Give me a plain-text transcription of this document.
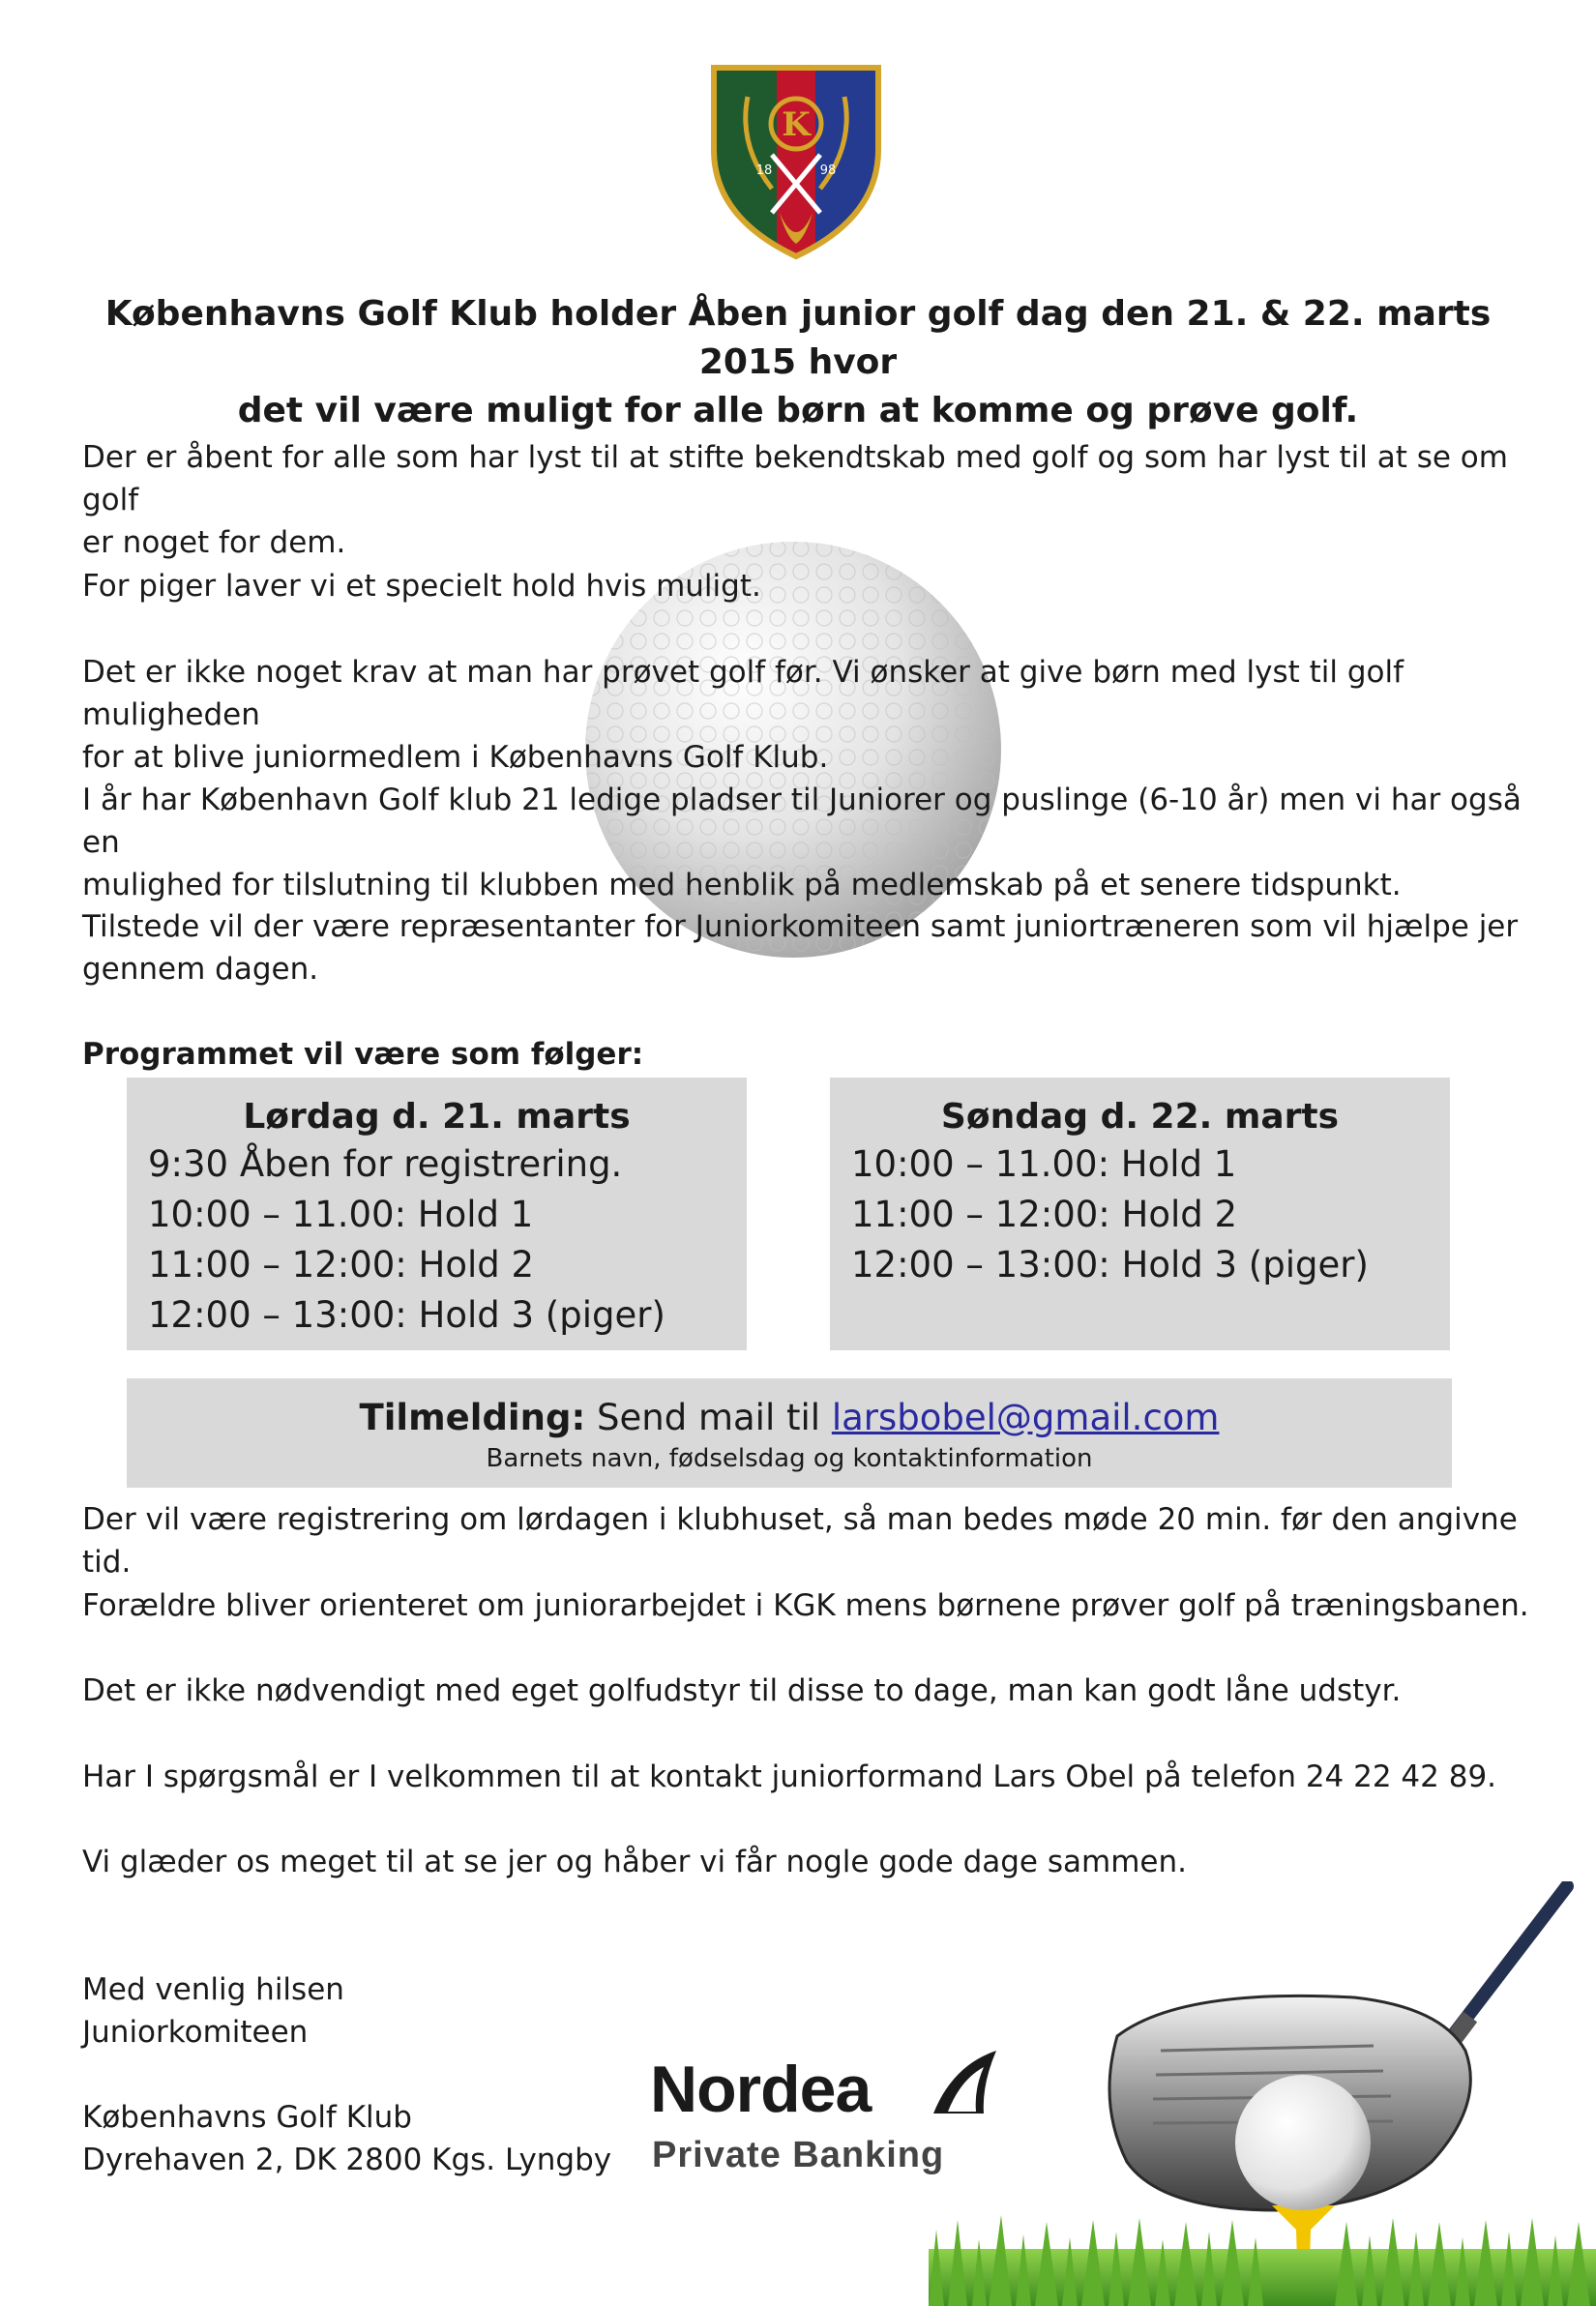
K
18	98
Københavns Golf Klub holder Åben junior golf dag den 21. & 22. marts 2015 hvor
det vil være muligt for alle børn at komme og prøve golf.
Der er åbent for alle som har lyst til at stifte bekendtskab med golf og som har lyst til at se om golf
er noget for dem.
For piger laver vi et specielt hold hvis muligt.
Det er ikke noget krav at man har prøvet golf før. Vi ønsker at give børn med lyst til golf muligheden
for at blive juniormedlem i Københavns Golf Klub.
I år har København Golf klub 21 ledige pladser til Juniorer og puslinge (6-10 år) men vi har også en
mulighed for tilslutning til klubben med henblik på medlemskab på et senere tidspunkt.
Tilstede vil der være repræsentanter for Juniorkomiteen samt juniortræneren som vil hjælpe jer
gennem dagen.
Programmet vil være som følger:
Lørdag d. 21. marts
9:30 Åben for registrering.
10:00 – 11.00: Hold 1
11:00 – 12:00: Hold 2
12:00 – 13:00: Hold 3 (piger)
Søndag d. 22. marts
10:00 – 11.00: Hold 1
11:00 – 12:00: Hold 2
12:00 – 13:00: Hold 3 (piger)
Tilmelding: Send mail til larsbobel@gmail.com
Barnets navn, fødselsdag og kontaktinformation
Der vil være registrering om lørdagen i klubhuset, så man bedes møde 20 min. før den angivne tid.
Forældre bliver orienteret om juniorarbejdet i KGK mens børnene prøver golf på træningsbanen.
Det er ikke nødvendigt med eget golfudstyr til disse to dage, man kan godt låne udstyr.
Har I spørgsmål er I velkommen til at kontakt juniorformand Lars Obel på telefon 24 22 42 89.
Vi glæder os meget til at se jer og håber vi får nogle gode dage sammen.
Med venlig hilsen
Juniorkomiteen
Københavns Golf Klub
Dyrehaven 2, DK 2800 Kgs. Lyngby
Nordea
Private Banking
